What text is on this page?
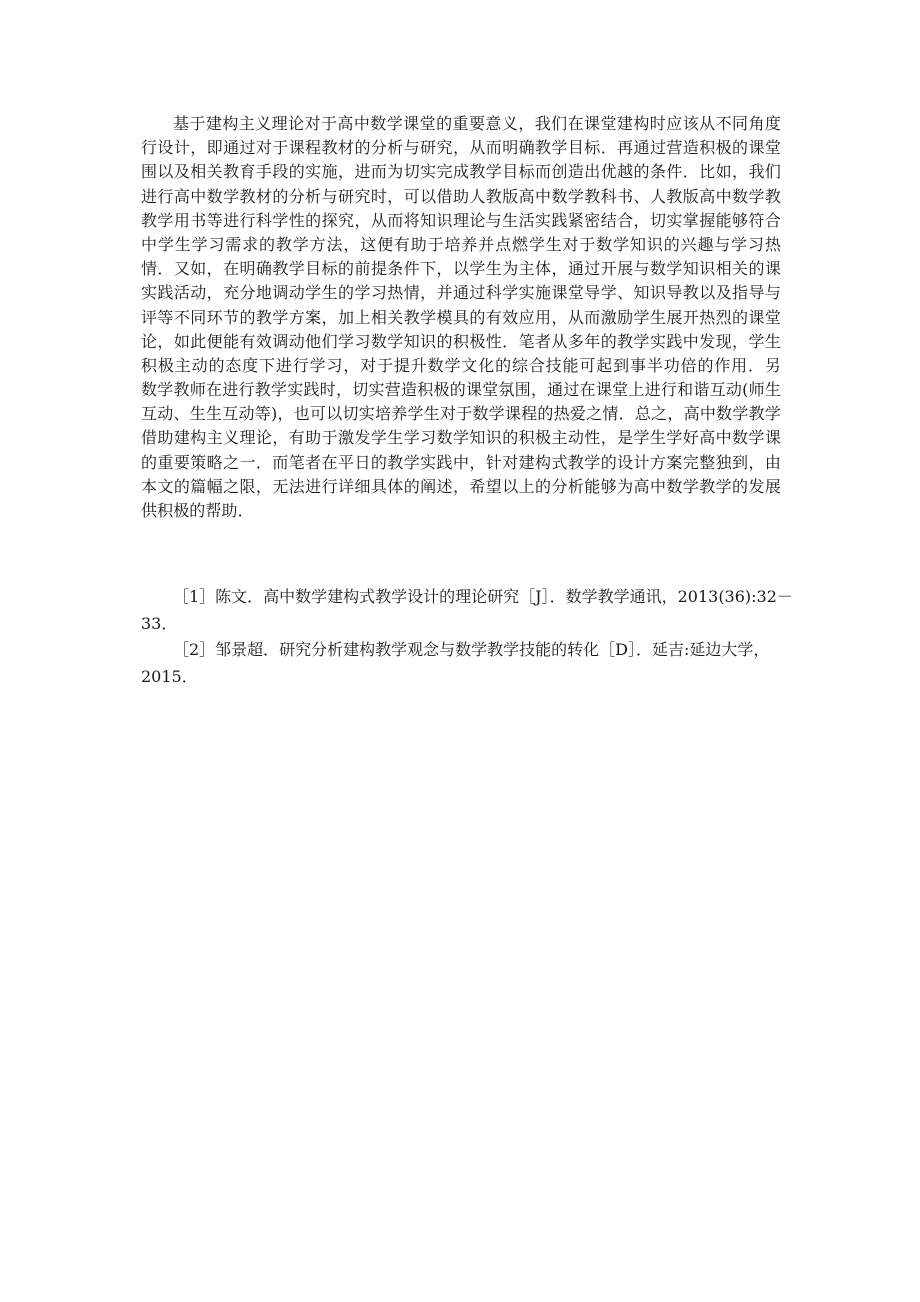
基于建构主义理论对于高中数学课堂的重要意义，我们在课堂建构时应该从不同角度
行设计，即通过对于课程教材的分析与研究，从而明确教学目标．再通过营造积极的课堂
围以及相关教育手段的实施，进而为切实完成教学目标而创造出优越的条件．比如，我们
进行高中数学教材的分析与研究时，可以借助人教版高中数学教科书、人教版高中数学教
教学用书等进行科学性的探究，从而将知识理论与生活实践紧密结合，切实掌握能够符合
中学生学习需求的教学方法，这便有助于培养并点燃学生对于数学知识的兴趣与学习热
情．又如，在明确教学目标的前提条件下，以学生为主体，通过开展与数学知识相关的课
实践活动，充分地调动学生的学习热情，并通过科学实施课堂导学、知识导教以及指导与
评等不同环节的教学方案，加上相关教学模具的有效应用，从而激励学生展开热烈的课堂
论，如此便能有效调动他们学习数学知识的积极性．笔者从多年的教学实践中发现，学生
积极主动的态度下进行学习，对于提升数学文化的综合技能可起到事半功倍的作用．另
数学教师在进行教学实践时，切实营造积极的课堂氛围，通过在课堂上进行和谐互动(师生
互动、生生互动等)，也可以切实培养学生对于数学课程的热爱之情．总之，高中数学教学
借助建构主义理论，有助于激发学生学习数学知识的积极主动性，是学生学好高中数学课
的重要策略之一．而笔者在平日的教学实践中，针对建构式教学的设计方案完整独到，由
本文的篇幅之限，无法进行详细具体的阐述，希望以上的分析能够为高中数学教学的发展
供积极的帮助．
［1］陈文．高中数学建构式教学设计的理论研究［J］．数学教学通讯，2013(36):32－
33．
［2］邹景超．研究分析建构教学观念与数学教学技能的转化［D］．延吉:延边大学，
2015．
